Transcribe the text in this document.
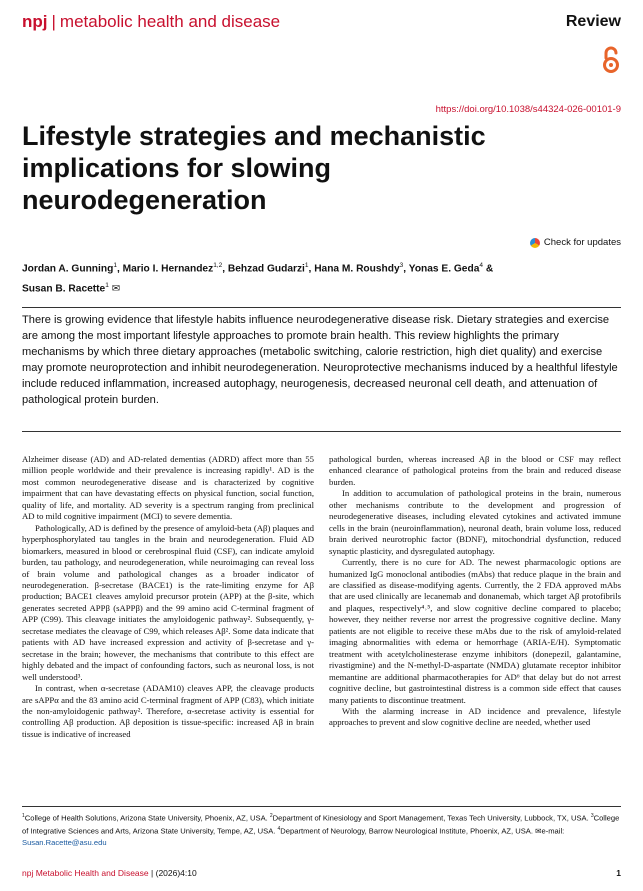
npj | metabolic health and disease	Review
https://doi.org/10.1038/s44324-026-00101-9
Lifestyle strategies and mechanistic implications for slowing neurodegeneration
Check for updates
Jordan A. Gunning$^1$, Mario I. Hernandez$^{1,2}$, Behzad Gudarzi$^1$, Hana M. Roushdy$^3$, Yonas E. Geda$^4$ &
Susan B. Racette$^1$ ✉
There is growing evidence that lifestyle habits influence neurodegenerative disease risk. Dietary strategies and exercise are among the most important lifestyle approaches to promote brain health. This review highlights the primary mechanisms by which three dietary approaches (metabolic switching, calorie restriction, high diet quality) and exercise may promote neuroprotection and inhibit neurodegeneration. Neuroprotective mechanisms induced by a healthful lifestyle include reduced inflammation, increased autophagy, neurogenesis, decreased neuronal cell death, and attenuation of pathological protein burden.

Alzheimer disease (AD) and AD-related dementias (ADRD) affect more than 55 million people worldwide and their prevalence is increasing rapidly¹. AD is the most common neurodegenerative disease and is characterized by cognitive impairment that can have devastating effects on physical function, social function, quality of life, and mortality. AD severity is a spectrum ranging from preclinical AD to mild cognitive impairment (MCI) to severe dementia.

Pathologically, AD is defined by the presence of amyloid-beta (Aβ) plaques and hyperphosphorylated tau tangles in the brain and neurodegeneration. Fluid AD biomarkers, measured in blood or cerebrospinal fluid (CSF), can indicate amyloid burden, tau pathology, and neurodegeneration, while neuroimaging can reveal loss of brain volume and pathological changes as a broader indicator of neurodegeneration. β-secretase (BACE1) is the rate-limiting enzyme for Aβ production; BACE1 cleaves amyloid precursor protein (APP) at the β-site, which generates secreted APPβ (sAPPβ) and the 99 amino acid C-terminal fragment of APP (C99). This cleavage initiates the amyloidogenic pathway². Subsequently, γ-secretase mediates the cleavage of C99, which releases Aβ². Some data indicate that patients with AD have increased expression and activity of β-secretase and γ-secretase in the brain; however, the mechanisms that contribute to this effect are highly debated and the impact of confounding factors, such as neuronal loss, is not well understood³.

In contrast, when α-secretase (ADAM10) cleaves APP, the cleavage products are sAPPα and the 83 amino acid C-terminal fragment of APP (C83), which initiate the non-amyloidogenic pathway². Therefore, α-secretase activity is essential for controlling Aβ production. Aβ deposition is tissue-specific: increased Aβ in brain tissue is indicative of increased

pathological burden, whereas increased Aβ in the blood or CSF may reflect enhanced clearance of pathological proteins from the brain and reduced disease burden.

In addition to accumulation of pathological proteins in the brain, numerous other mechanisms contribute to the development and progression of neurodegenerative diseases, including elevated cytokines and activated immune cells in the brain (neuroinflammation), neuronal death, brain volume loss, reduced brain derived neurotrophic factor (BDNF), mitochondrial dysfunction, reduced synaptic plasticity, and dysregulated autophagy.

Currently, there is no cure for AD. The newest pharmacologic options are humanized IgG monoclonal antibodies (mAbs) that reduce plaque in the brain and are classified as disease-modifying agents. Currently, the 2 FDA approved mAbs that are used clinically are lecanemab and donanemab, which target Aβ protofibrils and plaques, respectively⁴˒⁵, and slow cognitive decline compared to placebo; however, they neither reverse nor arrest the progressive cognitive decline. Many patients are not eligible to receive these mAbs due to the risk of amyloid-related imaging abnormalities with edema or hemorrhage (ARIA-E/H). Symptomatic treatment with acetylcholinesterase enzyme inhibitors (donepezil, galantamine, rivastigmine) and the N-methyl-D-aspartate (NMDA) glutamate receptor inhibitor memantine are additional pharmacotherapies for AD⁶ that delay but do not arrest cognitive decline, but gastrointestinal distress is a common side effect that causes many patients to discontinue treatment.

With the alarming increase in AD incidence and prevalence, lifestyle approaches to prevent and slow cognitive decline are needed, whether used

$^1$College of Health Solutions, Arizona State University, Phoenix, AZ, USA. $^2$Department of Kinesiology and Sport Management, Texas Tech University, Lubbock, TX, USA. $^3$College of Integrative Sciences and Arts, Arizona State University, Tempe, AZ, USA. $^4$Department of Neurology, Barrow Neurological Institute, Phoenix, AZ, USA. ✉e-mail: Susan.Racette@asu.edu
npj Metabolic Health and Disease | (2026)4:10	1
